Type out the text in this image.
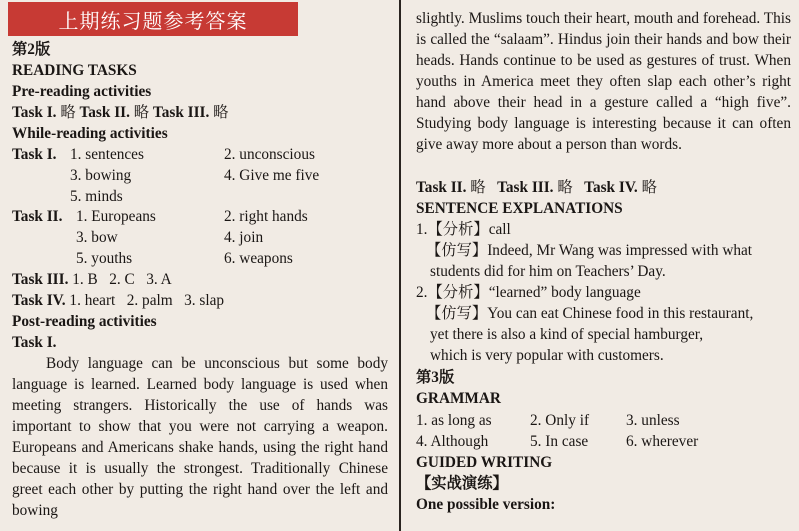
上期练习题参考答案
第2版
READING TASKS
Pre-reading activities
Task I. 略 Task II. 略 Task III. 略
While-reading activities
Task I. 1. sentences	2. unconscious
3. bowing	4. Give me five
5. minds
Task II. 1. Europeans	2. right hands
3. bow	4. join
5. youths	6. weapons
Task III. 1. B   2. C   3. A
Task IV. 1. heart   2. palm   3. slap
Post-reading activities
Task I.

Body language can be unconscious but some body language is learned. Learned body language is used when meeting strangers. Historically the use of hands was important to show that you were not carrying a weapon. Europeans and Americans shake hands, using the right hand because it is usually the strongest. Traditionally Chinese greet each other by putting the right hand over the left and bowing

slightly. Muslims touch their heart, mouth and forehead. This is called the “salaam”. Hindus join their hands and bow their heads. Hands continue to be used as gestures of trust. When youths in America meet they often slap each other’s right hand above their head in a gesture called a “high five”. Studying body language is interesting because it can often give away more about a person than words.

Task II. 略 Task III. 略 Task IV. 略
SENTENCE EXPLANATIONS
1.【分析】call
【仿写】Indeed, Mr Wang was impressed with what
students did for him on Teachers’ Day.
2.【分析】“learned” body language
【仿写】You can eat Chinese food in this restaurant,
yet there is also a kind of special hamburger,
which is very popular with customers.
第3版
GRAMMAR
1. as long as	2. Only if 3. unless
4. Although	5. In case 6. wherever
GUIDED WRITING
【实战演练】
One possible version:
